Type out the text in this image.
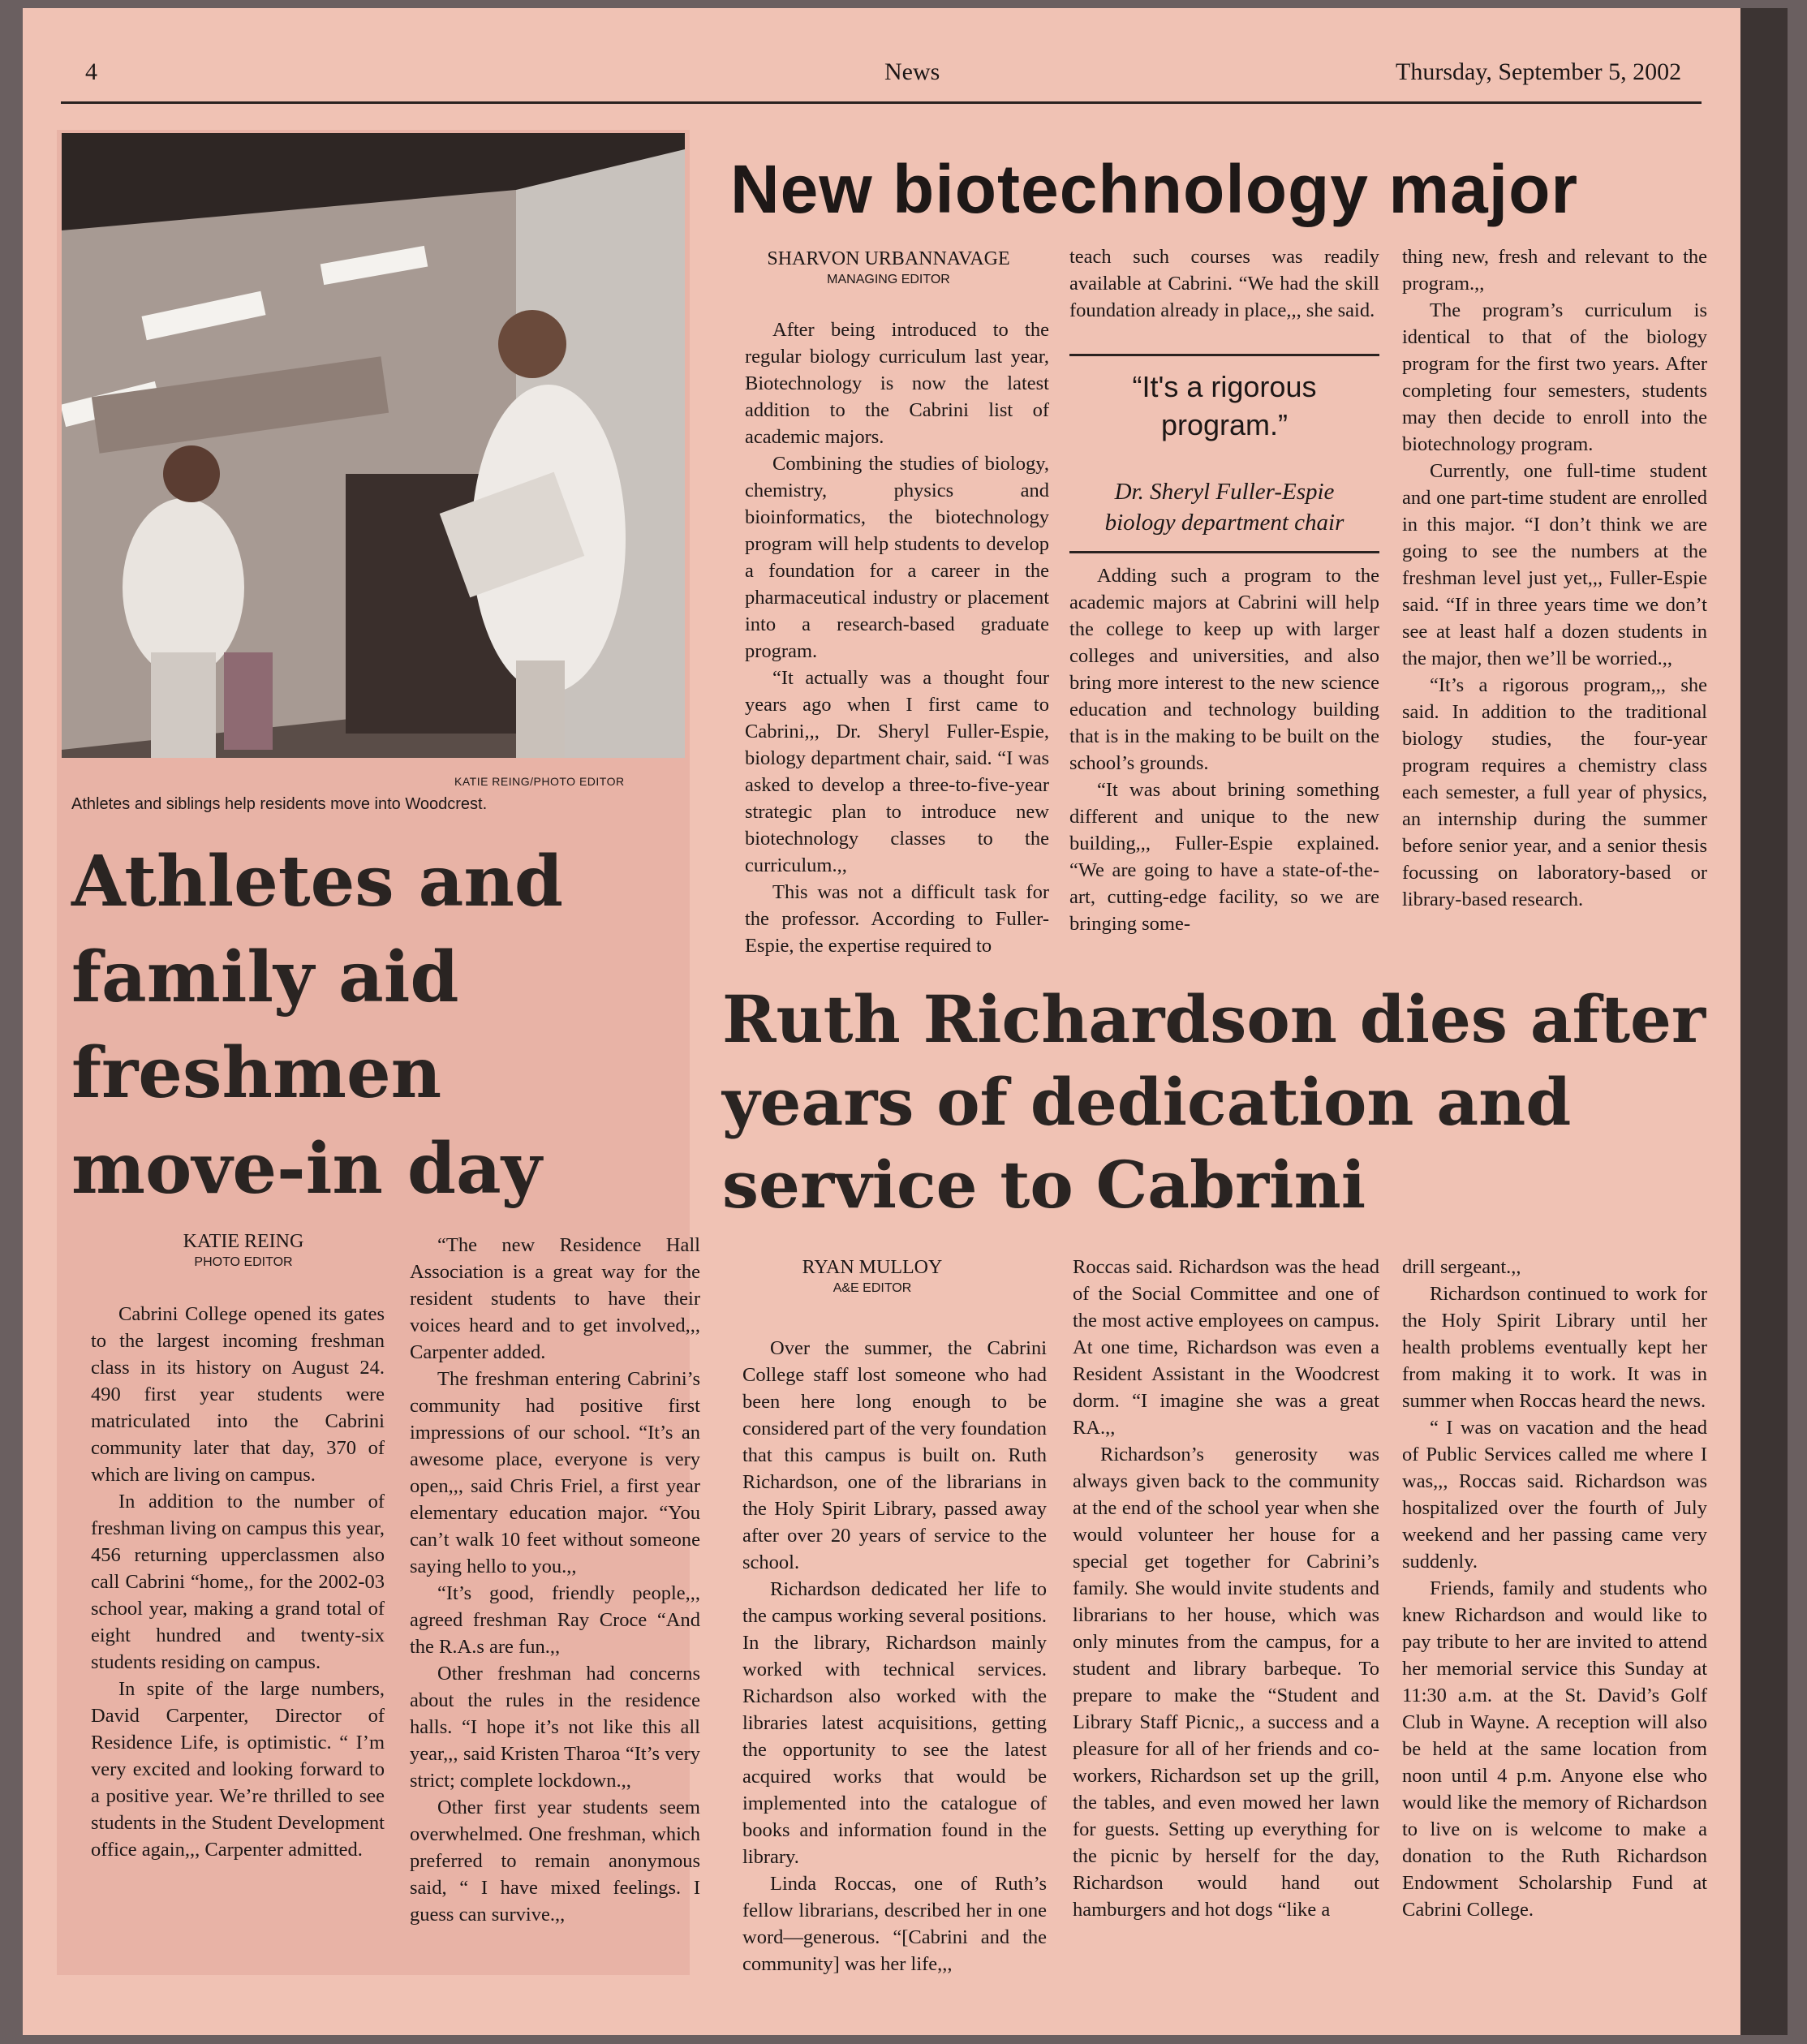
4	News	Thursday, September 5, 2002
KATIE REING/PHOTO EDITOR
Athletes and siblings help residents move into Woodcrest.
Athletes and family aid freshmen move-in day
KATIE REING
PHOTO EDITOR

Cabrini College opened its gates to the largest incoming freshman class in its history on August 24. 490 first year students were matriculated into the Cabrini community later that day, 370 of which are living on campus.

In addition to the number of freshman living on campus this year, 456 returning upperclassmen also call Cabrini “home,, for the 2002-03 school year, making a grand total of eight hundred and twenty-six students residing on campus.

In spite of the large numbers, David Carpenter, Director of Residence Life, is optimistic. “ I’m very excited and looking forward to a positive year. We’re thrilled to see students in the Student Development office again,,, Carpenter admitted.

“The new Residence Hall Association is a great way for the resident students to have their voices heard and to get involved,,, Carpenter added.

The freshman entering Cabrini’s community had positive first impressions of our school. “It’s an awesome place, everyone is very open,,, said Chris Friel, a first year elementary education major. “You can’t walk 10 feet without someone saying hello to you.,,

“It’s good, friendly people,,, agreed freshman Ray Croce “And the R.A.s are fun.,,

Other freshman had concerns about the rules in the residence halls. “I hope it’s not like this all year,,, said Kristen Tharoa “It’s very strict; complete lockdown.,,

Other first year students seem overwhelmed. One freshman, which preferred to remain anonymous said, “ I have mixed feelings. I guess can survive.,,

New biotechnology major
SHARVON URBANNAVAGE
MANAGING EDITOR

After being introduced to the regular biology curriculum last year, Biotechnology is now the latest addition to the Cabrini list of academic majors.

Combining the studies of biology, chemistry, physics and bioinformatics, the biotechnology program will help students to develop a foundation for a career in the pharmaceutical industry or placement into a research-based graduate program.

“It actually was a thought four years ago when I first came to Cabrini,,, Dr. Sheryl Fuller-Espie, biology department chair, said. “I was asked to develop a three-to-five-year strategic plan to introduce new biotechnology classes to the curriculum.,,

This was not a difficult task for the professor. According to Fuller-Espie, the expertise required to

teach such courses was readily available at Cabrini. “We had the skill foundation already in place,,, she said.

“It's a rigorous program.”
Dr. Sheryl Fuller-Espie
biology department chair

Adding such a program to the academic majors at Cabrini will help the college to keep up with larger colleges and universities, and also bring more interest to the new science education and technology building that is in the making to be built on the school’s grounds.

“It was about brining something different and unique to the new building,,, Fuller-Espie explained. “We are going to have a state-of-the-art, cutting-edge facility, so we are bringing some-

thing new, fresh and relevant to the program.,,

The program’s curriculum is identical to that of the biology program for the first two years. After completing four semesters, students may then decide to enroll into the biotechnology program.

Currently, one full-time student and one part-time student are enrolled in this major. “I don’t think we are going to see the numbers at the freshman level just yet,,, Fuller-Espie said. “If in three years time we don’t see at least half a dozen students in the major, then we’ll be worried.,,

“It’s a rigorous program,,, she said. In addition to the traditional biology studies, the four-year program requires a chemistry class each semester, a full year of physics, an internship during the summer before senior year, and a senior thesis focussing on laboratory-based or library-based research.

Ruth Richardson dies after years of dedication and service to Cabrini
RYAN MULLOY
A&E EDITOR

Over the summer, the Cabrini College staff lost someone who had been here long enough to be considered part of the very foundation that this campus is built on. Ruth Richardson, one of the librarians in the Holy Spirit Library, passed away after over 20 years of service to the school.

Richardson dedicated her life to the campus working several positions. In the library, Richardson mainly worked with technical services. Richardson also worked with the libraries latest acquisitions, getting the opportunity to see the latest acquired works that would be implemented into the catalogue of books and information found in the library.

Linda Roccas, one of Ruth’s fellow librarians, described her in one word—generous. “[Cabrini and the community] was her life,,,

Roccas said. Richardson was the head of the Social Committee and one of the most active employees on campus. At one time, Richardson was even a Resident Assistant in the Woodcrest dorm. “I imagine she was a great RA.,,

Richardson’s generosity was always given back to the community at the end of the school year when she would volunteer her house for a special get together for Cabrini’s family. She would invite students and librarians to her house, which was only minutes from the campus, for a student and library barbeque. To prepare to make the “Student and Library Staff Picnic,, a success and a pleasure for all of her friends and co-workers, Richardson set up the grill, the tables, and even mowed her lawn for guests. Setting up everything for the picnic by herself for the day, Richardson would hand out hamburgers and hot dogs “like a

drill sergeant.,,

Richardson continued to work for the Holy Spirit Library until her health problems eventually kept her from making it to work. It was in summer when Roccas heard the news.

“ I was on vacation and the head of Public Services called me where I was,,, Roccas said. Richardson was hospitalized over the fourth of July weekend and her passing came very suddenly.

Friends, family and students who knew Richardson and would like to pay tribute to her are invited to attend her memorial service this Sunday at 11:30 a.m. at the St. David’s Golf Club in Wayne. A reception will also be held at the same location from noon until 4 p.m. Anyone else who would like the memory of Richardson to live on is welcome to make a donation to the Ruth Richardson Endowment Scholarship Fund at Cabrini College.
